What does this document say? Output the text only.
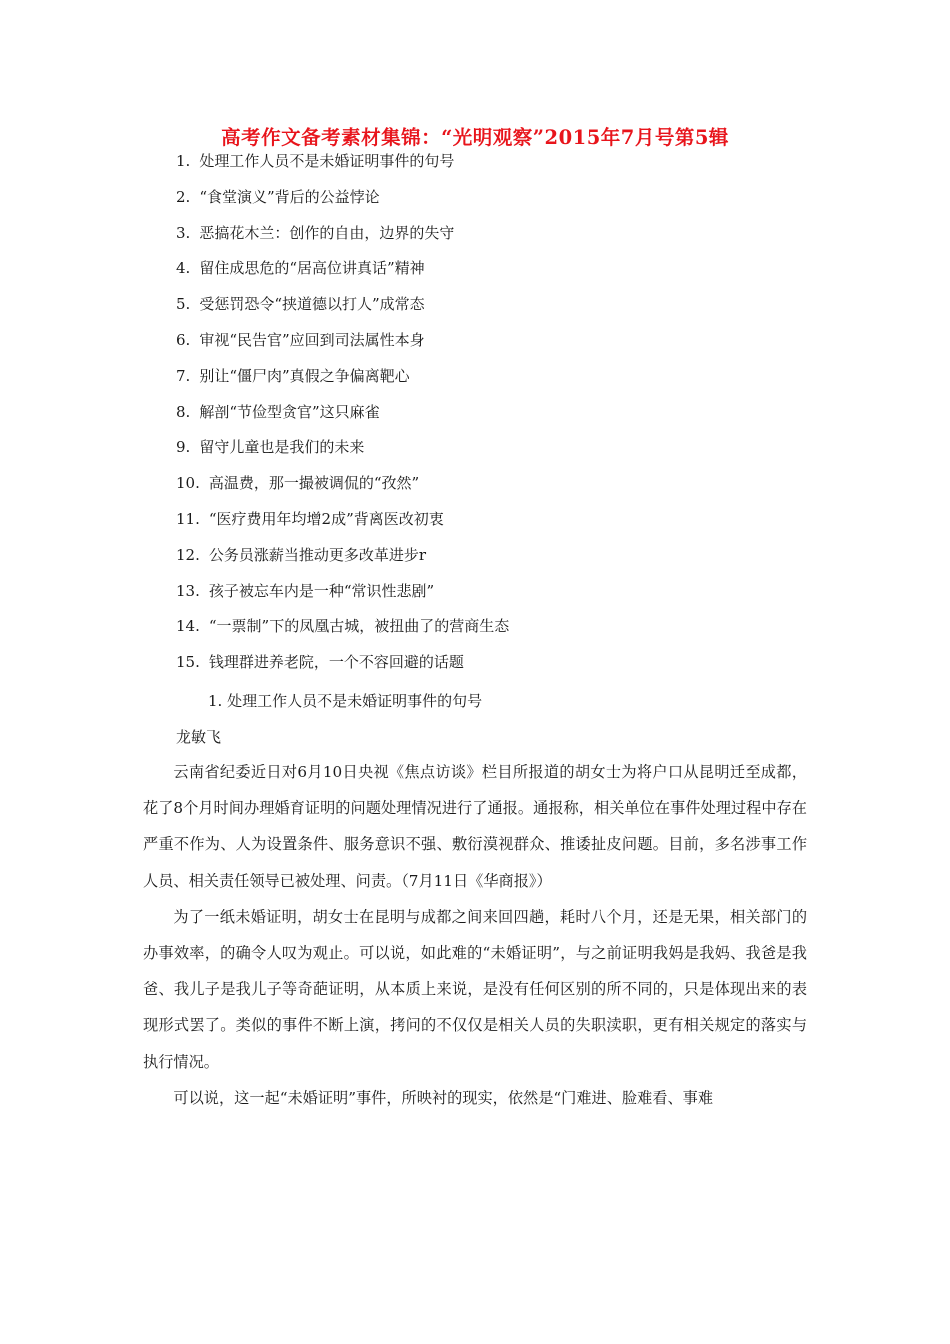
高考作文备考素材集锦：“光明观察”2015年7月号第5辑
1. 处理工作人员不是未婚证明事件的句号
2. “食堂演义”背后的公益悖论
3. 恶搞花木兰：创作的自由，边界的失守
4. 留住成思危的“居高位讲真话”精神
5. 受惩罚恐令“挟道德以打人”成常态
6. 审视“民告官”应回到司法属性本身
7. 别让“僵尸肉”真假之争偏离靶心
8. 解剖“节俭型贪官”这只麻雀
9. 留守儿童也是我们的未来
10. 高温费，那一撮被调侃的“孜然”
11. “医疗费用年均增2成”背离医改初衷
12. 公务员涨薪当推动更多改革进步r
13. 孩子被忘车内是一种“常识性悲剧”
14. “一票制”下的凤凰古城，被扭曲了的营商生态
15. 钱理群进养老院，一个不容回避的话题
1. 处理工作人员不是未婚证明事件的句号
龙敏飞

云南省纪委近日对6月10日央视《焦点访谈》栏目所报道的胡女士为将户口从昆明迁至成都，花了8个月时间办理婚育证明的问题处理情况进行了通报。通报称，相关单位在事件处理过程中存在严重不作为、人为设置条件、服务意识不强、敷衍漠视群众、推诿扯皮问题。目前，多名涉事工作人员、相关责任领导已被处理、问责。（7月11日《华商报》）

为了一纸未婚证明，胡女士在昆明与成都之间来回四趟，耗时八个月，还是无果，相关部门的办事效率，的确令人叹为观止。可以说，如此难的“未婚证明”，与之前证明我妈是我妈、我爸是我爸、我儿子是我儿子等奇葩证明，从本质上来说，是没有任何区别的所不同的，只是体现出来的表现形式罢了。类似的事件不断上演，拷问的不仅仅是相关人员的失职渎职，更有相关规定的落实与执行情况。

可以说，这一起“未婚证明”事件，所映衬的现实，依然是“门难进、脸难看、事难
